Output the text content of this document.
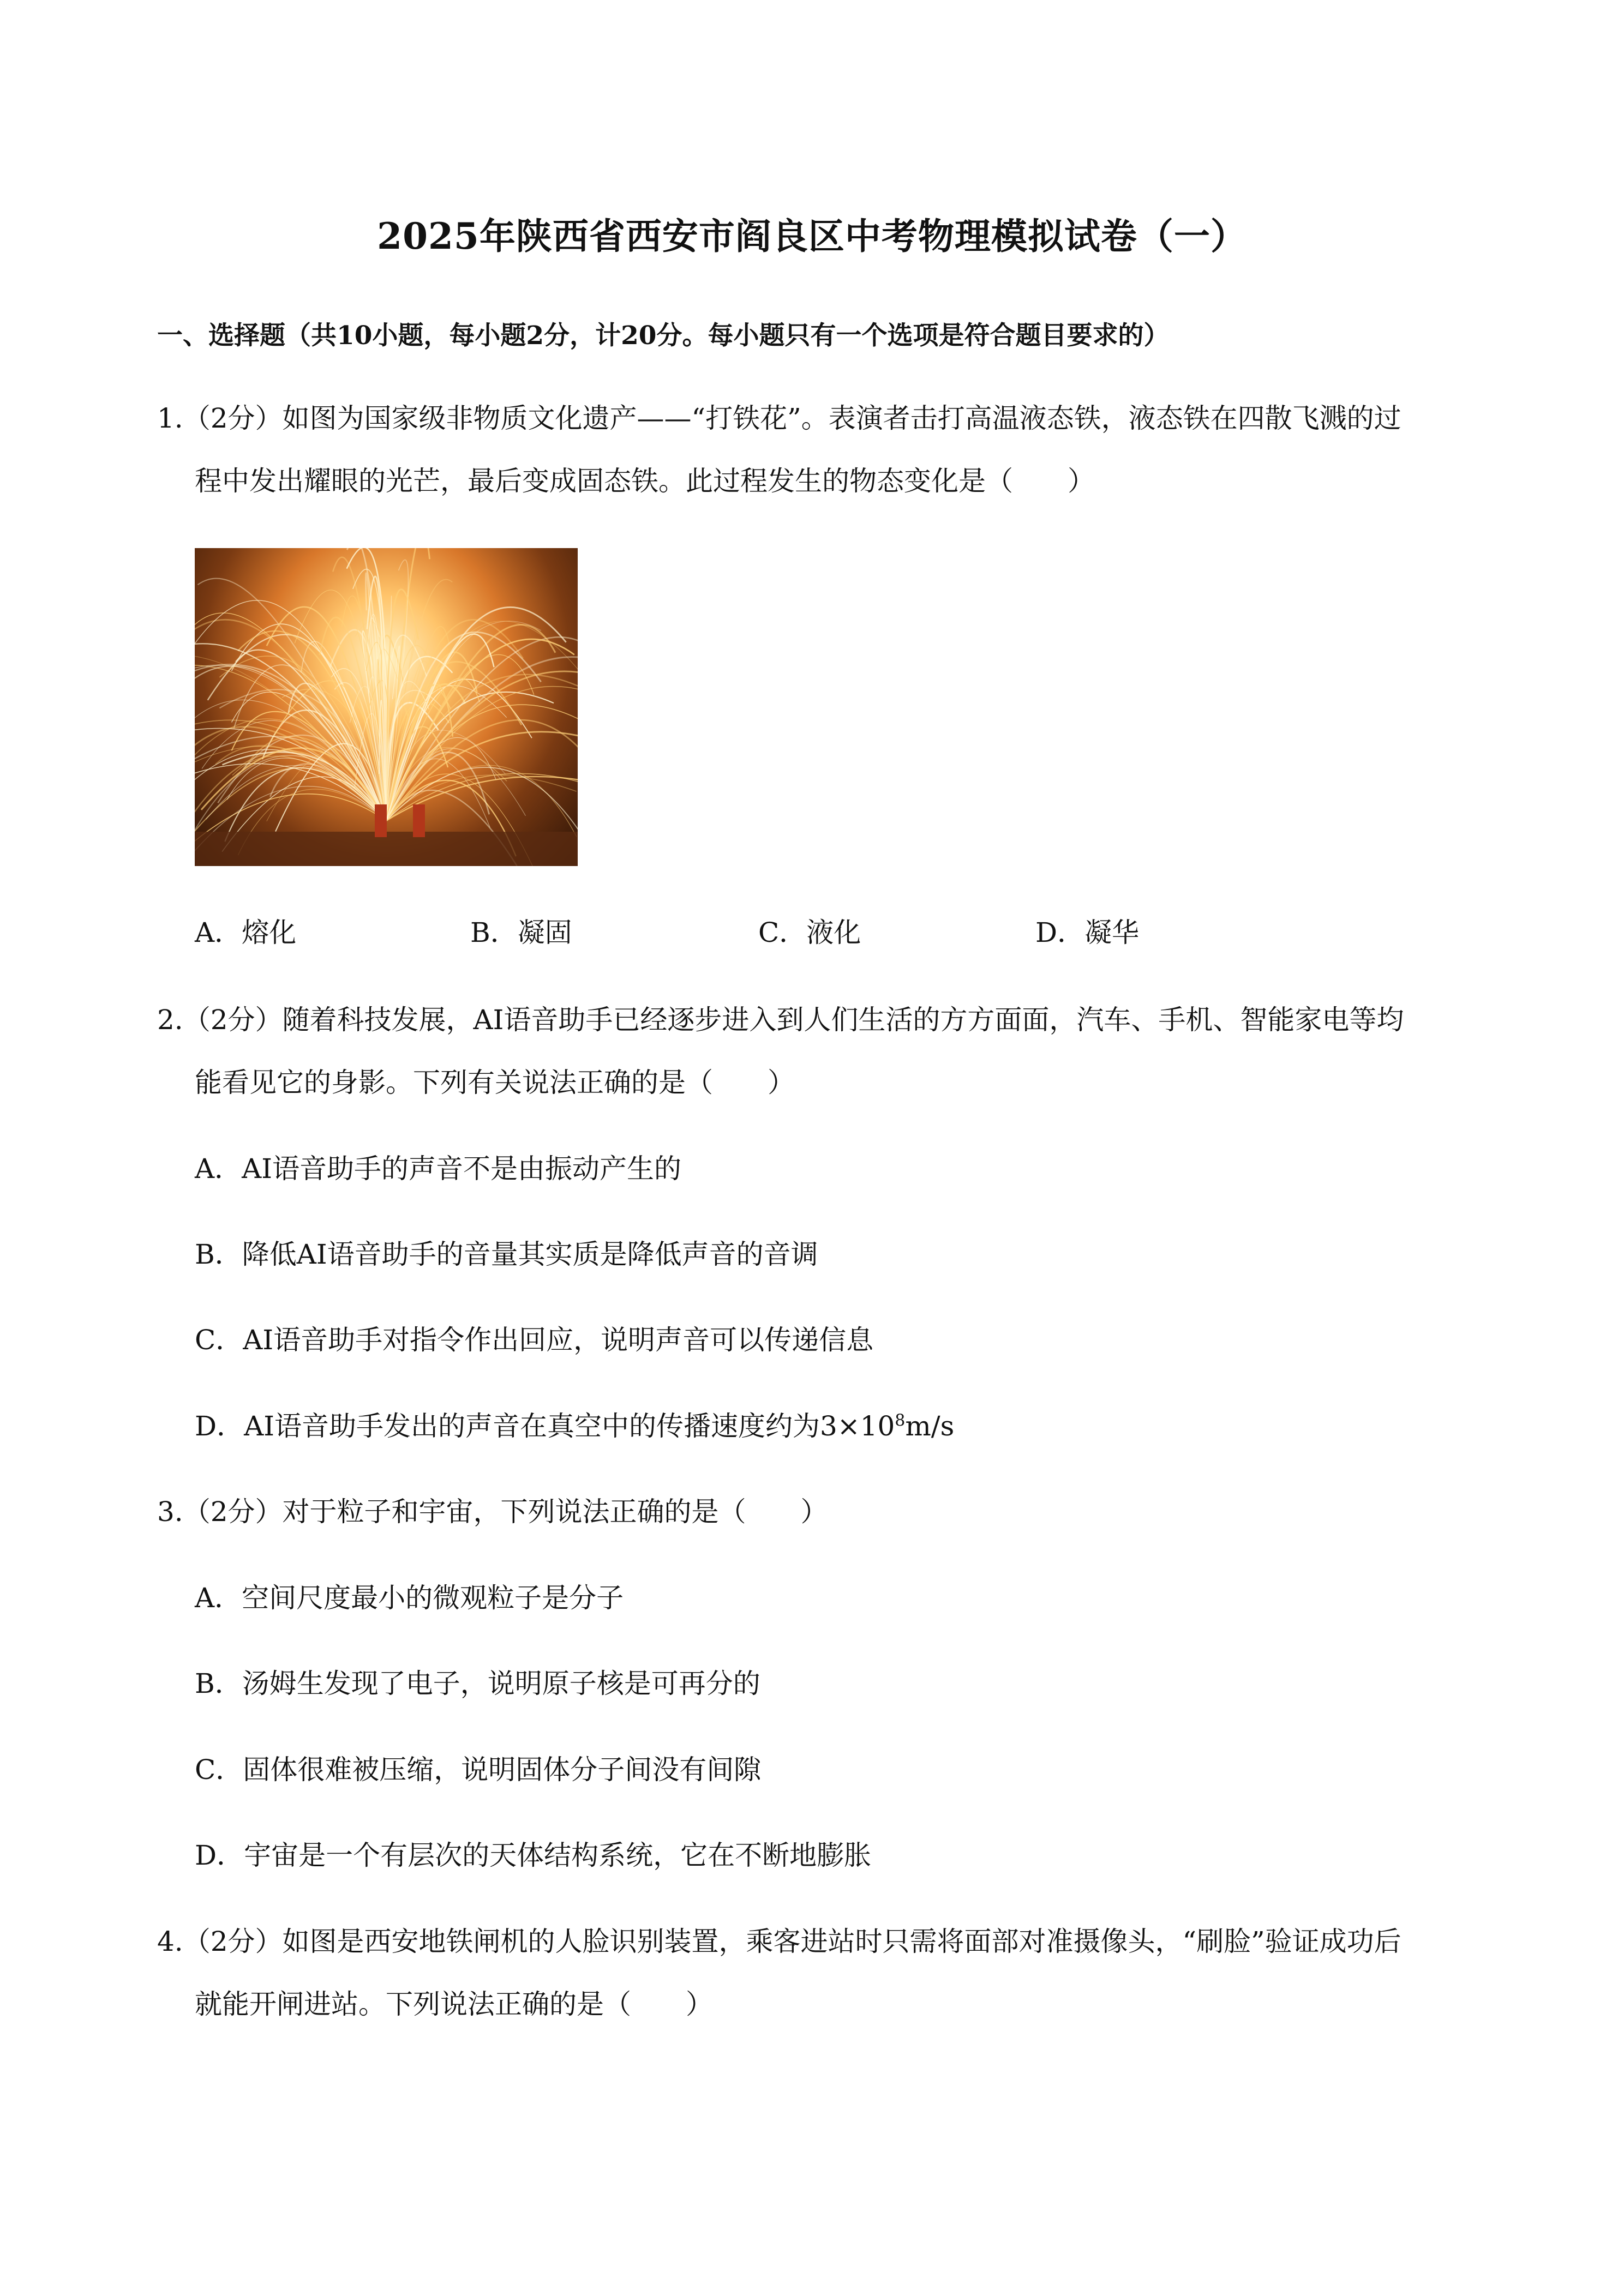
2025年陕西省西安市阎良区中考物理模拟试卷（一）
一、选择题（共10小题，每小题2分，计20分。每小题只有一个选项是符合题目要求的）
1.（2分）如图为国家级非物质文化遗产——“打铁花”。表演者击打高温液态铁，液态铁在四散飞溅的过
程中发出耀眼的光芒，最后变成固态铁。此过程发生的物态变化是（　　）
A．熔化	B．凝固	C．液化	D．凝华
2.（2分）随着科技发展，AI语音助手已经逐步进入到人们生活的方方面面，汽车、手机、智能家电等均
能看见它的身影。下列有关说法正确的是（　　）
A．AI语音助手的声音不是由振动产生的
B．降低AI语音助手的音量其实质是降低声音的音调
C．AI语音助手对指令作出回应，说明声音可以传递信息
D．AI语音助手发出的声音在真空中的传播速度约为$3\times 10^8m/s$
3.（2分）对于粒子和宇宙，下列说法正确的是（　　）
A．空间尺度最小的微观粒子是分子
B．汤姆生发现了电子，说明原子核是可再分的
C．固体很难被压缩，说明固体分子间没有间隙
D．宇宙是一个有层次的天体结构系统，它在不断地膨胀
4.（2分）如图是西安地铁闸机的人脸识别装置，乘客进站时只需将面部对准摄像头，“刷脸”验证成功后
就能开闸进站。下列说法正确的是（　　）
